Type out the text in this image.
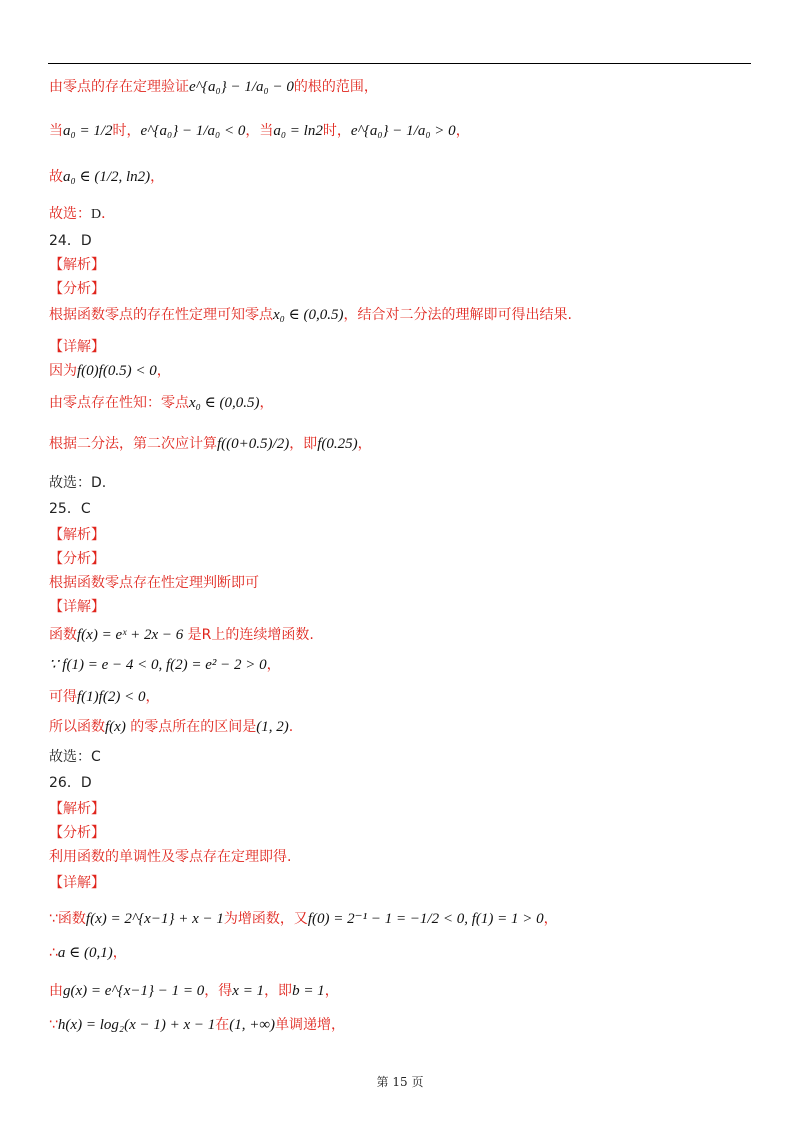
由零点的存在定理验证e^{a₀} − 1/a₀ − 0的根的范围，
当a₀ = 1/2时，e^{a₀} − 1/a₀ < 0，当a₀ = ln2时，e^{a₀} − 1/a₀ > 0，
故a₀ ∈ (1/2, ln2)，
故选：D．
24．D
【解析】
【分析】
根据函数零点的存在性定理可知零点x₀ ∈ (0,0.5)，结合对二分法的理解即可得出结果.
【详解】
因为f(0)f(0.5) < 0，
由零点存在性知：零点x₀ ∈ (0,0.5)，
根据二分法，第二次应计算f((0+0.5)/2)，即f(0.25)，
故选：D.
25．C
【解析】
【分析】
根据函数零点存在性定理判断即可
【详解】
函数f(x) = eˣ + 2x − 6 是R上的连续增函数.
∵ f(1) = e − 4 < 0, f(2) = e² − 2 > 0，
可得f(1)f(2) < 0，
所以函数f(x) 的零点所在的区间是(1, 2).
故选：C
26．D
【解析】
【分析】
利用函数的单调性及零点存在定理即得.
【详解】
∵函数f(x) = 2^{x−1} + x − 1为增函数，又f(0) = 2⁻¹ − 1 = −1/2 < 0, f(1) = 1 > 0，
∴a ∈ (0,1)，
由g(x) = e^{x−1} − 1 = 0，得x = 1，即b = 1，
∵h(x) = log₂(x − 1) + x − 1在(1, +∞)单调递增，
第 15 页
